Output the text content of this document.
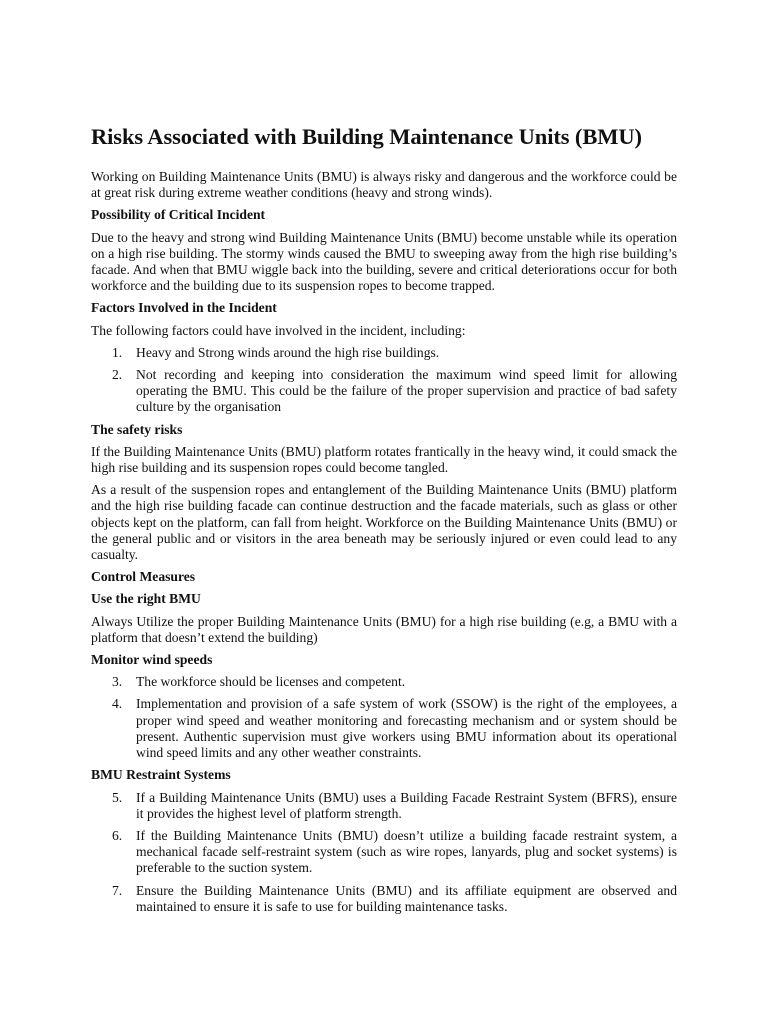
Risks Associated with Building Maintenance Units (BMU)

Working on Building Maintenance Units (BMU) is always risky and dangerous and the workforce could be at great risk during extreme weather conditions (heavy and strong winds).

Possibility of Critical Incident

Due to the heavy and strong wind Building Maintenance Units (BMU) become unstable while its operation on a high rise building. The stormy winds caused the BMU to sweeping away from the high rise building’s facade. And when that BMU wiggle back into the building, severe and critical deteriorations occur for both workforce and the building due to its suspension ropes to become trapped.

Factors Involved in the Incident

The following factors could have involved in the incident, including:

1. Heavy and Strong winds around the high rise buildings.
2. Not recording and keeping into consideration the maximum wind speed limit for allowing operating the BMU. This could be the failure of the proper supervision and practice of bad safety culture by the organisation
The safety risks

If the Building Maintenance Units (BMU) platform rotates frantically in the heavy wind, it could smack the high rise building and its suspension ropes could become tangled.

As a result of the suspension ropes and entanglement of the Building Maintenance Units (BMU) platform and the high rise building facade can continue destruction and the facade materials, such as glass or other objects kept on the platform, can fall from height. Workforce on the Building Maintenance Units (BMU) or the general public and or visitors in the area beneath may be seriously injured or even could lead to any casualty.

Control Measures
Use the right BMU

Always Utilize the proper Building Maintenance Units (BMU) for a high rise building (e.g, a BMU with a platform that doesn’t extend the building)

Monitor wind speeds
3. The workforce should be licenses and competent.
4. Implementation and provision of a safe system of work (SSOW) is the right of the employees, a proper wind speed and weather monitoring and forecasting mechanism and or system should be present. Authentic supervision must give workers using BMU information about its operational wind speed limits and any other weather constraints.
BMU Restraint Systems
5. If a Building Maintenance Units (BMU) uses a Building Facade Restraint System (BFRS), ensure it provides the highest level of platform strength.
6. If the Building Maintenance Units (BMU) doesn’t utilize a building facade restraint system, a mechanical facade self-restraint system (such as wire ropes, lanyards, plug and socket systems) is preferable to the suction system.
7. Ensure the Building Maintenance Units (BMU) and its affiliate equipment are observed and maintained to ensure it is safe to use for building maintenance tasks.
